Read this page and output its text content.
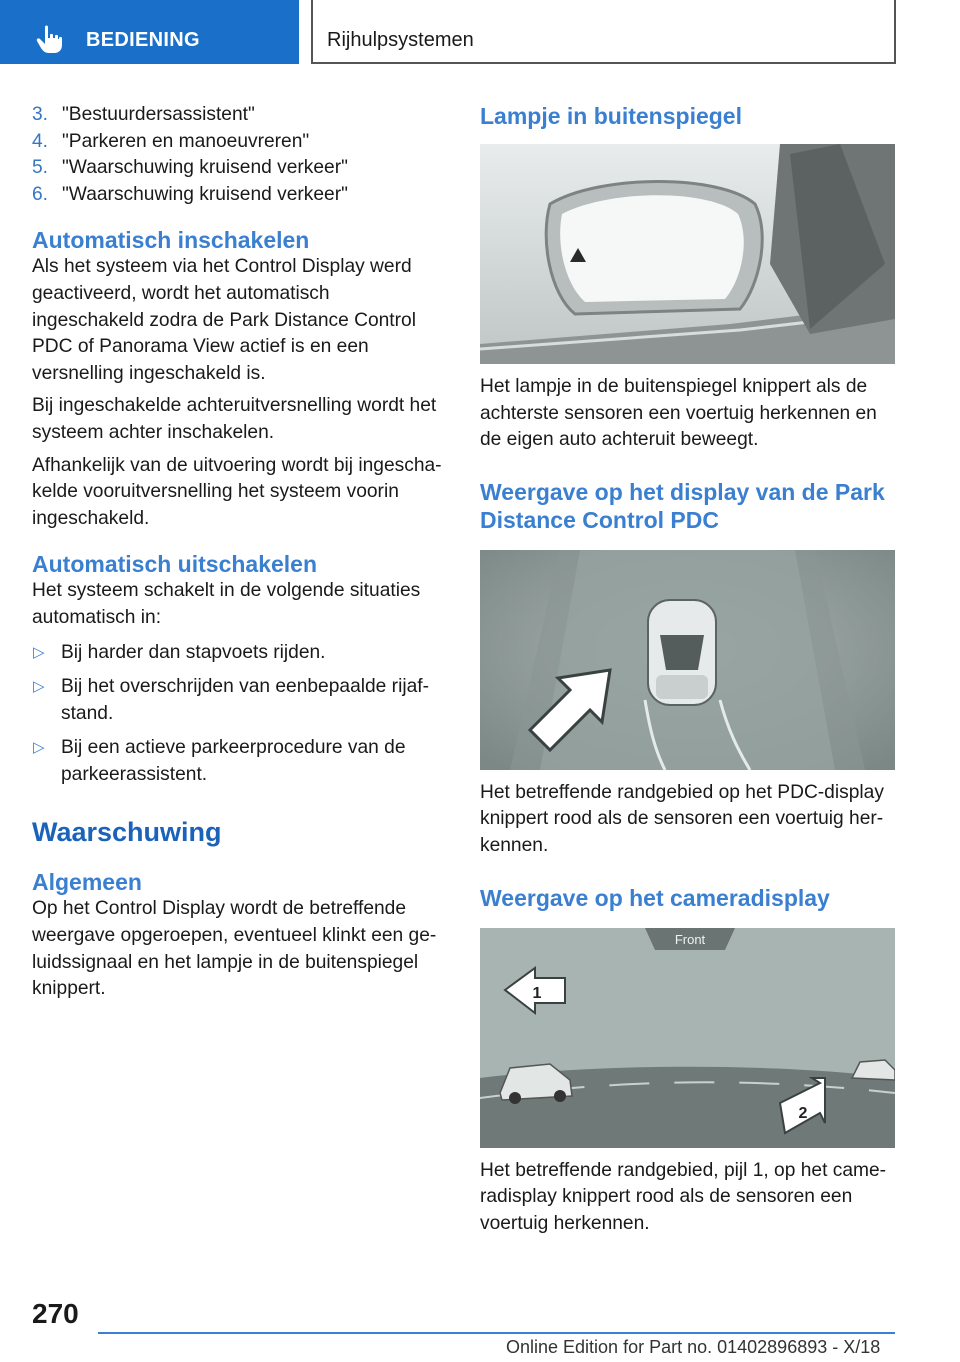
BEDIENING	Rijhulpsystemen
3. "Bestuurdersassistent"
4. "Parkeren en manoeuvreren"
5. "Waarschuwing kruisend verkeer"
6. "Waarschuwing kruisend verkeer"
Automatisch inschakelen

Als het systeem via het Control Display werd geactiveerd, wordt het automatisch ingeschakeld zodra de Park Distance Control PDC of Panorama View actief is en een versnelling ingeschakeld is.

Bij ingeschakelde achteruitversnelling wordt het systeem achter inschakelen.

Afhankelijk van de uitvoering wordt bij ingeschakelde vooruitversnelling het systeem voorin ingeschakeld.

Automatisch uitschakelen

Het systeem schakelt in de volgende situaties automatisch in:

▷ Bij harder dan stapvoets rijden.
▷ Bij het overschrijden van eenbepaalde rijafstand.
▷ Bij een actieve parkeerprocedure van de parkeerassistent.
Waarschuwing
Algemeen

Op het Control Display wordt de betreffende weergave opgeroepen, eventueel klinkt een geluidssignaal en het lampje in de buitenspiegel knippert.

Lampje in buitenspiegel

Het lampje in de buitenspiegel knippert als de achterste sensoren een voertuig herkennen en de eigen auto achteruit beweegt.

Weergave op het display van de Park Distance Control PDC

Het betreffende randgebied op het PDC-display knippert rood als de sensoren een voertuig herkennen.

Weergave op het cameradisplay
Front
1
2

Het betreffende randgebied, pijl 1, op het cameradisplay knippert rood als de sensoren een voertuig herkennen.

270
Online Edition for Part no. 01402896893 - X/18
